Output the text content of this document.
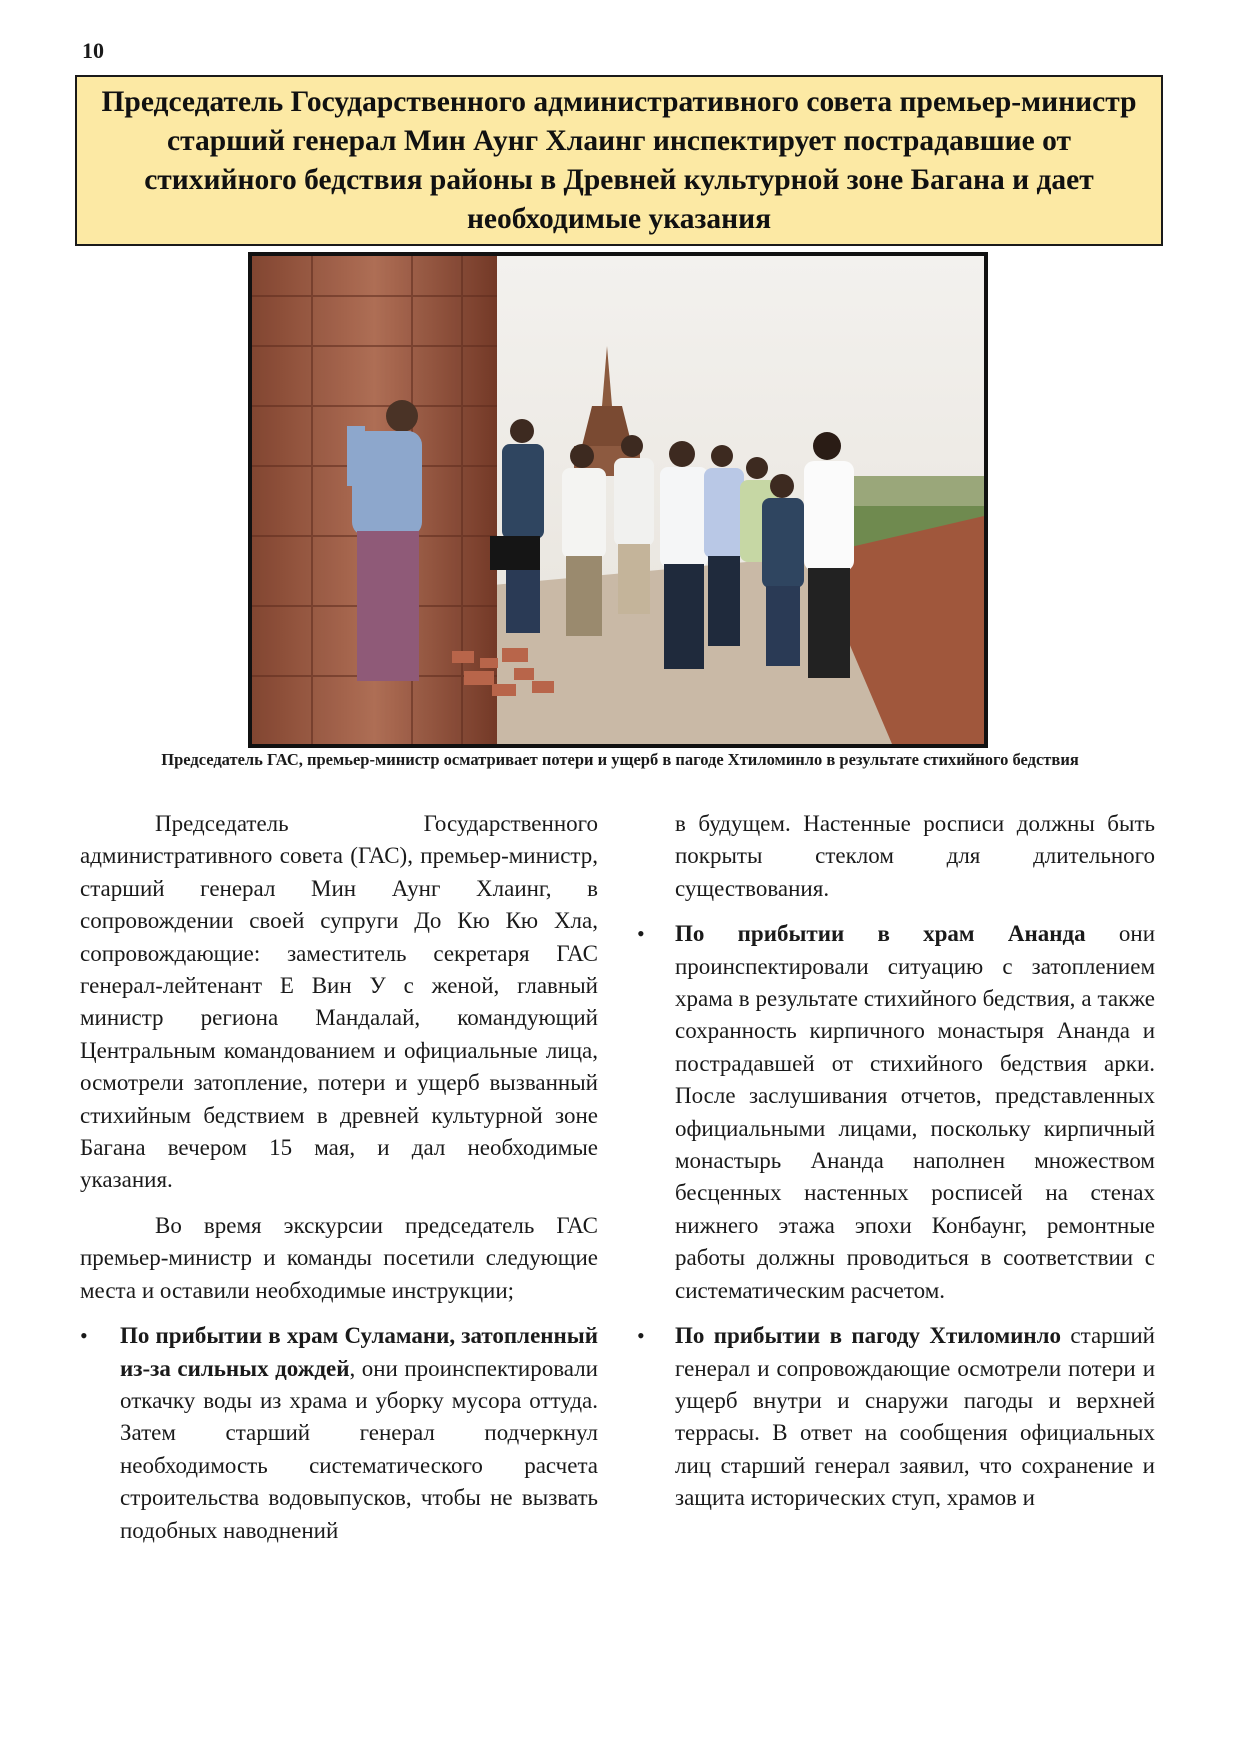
10
Председатель Государственного административного совета премьер-министр старший генерал Мин Аунг Хлаинг инспектирует пострадавшие от стихийного бедствия районы в Древней культурной зоне Багана и дает необходимые указания

Председатель ГАС, премьер-министр осматривает потери и ущерб в пагоде Хтиломинло в результате стихийного бедствия

Председатель Государственного административного совета (ГАС), премьер-министр, старший генерал Мин Аунг Хлаинг, в сопровождении своей супруги До Кю Кю Хла, сопровождающие: заместитель секретаря ГАС генерал-лейтенант Е Вин У с женой, главный министр региона Мандалай, командующий Центральным командованием и официальные лица, осмотрели затопление, потери и ущерб вызванный стихийным бедствием в древней культурной зоне Багана вечером 15 мая, и дал необходимые указания.

Во время экскурсии председатель ГАС премьер-министр и команды посетили следующие места и оставили необходимые инструкции;

• По прибытии в храм Суламани, затопленный из-за сильных дождей, они проинспектировали откачку воды из храма и уборку мусора оттуда. Затем старший генерал подчеркнул необходимость систематического расчета строительства водовыпусков, чтобы не вызвать подобных наводнений

в будущем. Настенные росписи должны быть покрыты стеклом для длительного существования.

• По прибытии в храм Ананда они проинспектировали ситуацию с затоплением храма в результате стихийного бедствия, а также сохранность кирпичного монастыря Ананда и пострадавшей от стихийного бедствия арки. После заслушивания отчетов, представленных официальными лицами, поскольку кирпичный монастырь Ананда наполнен множеством бесценных настенных росписей на стенах нижнего этажа эпохи Конбаунг, ремонтные работы должны проводиться в соответствии с систематическим расчетом.
• По прибытии в пагоду Хтиломинло старший генерал и сопровождающие осмотрели потери и ущерб внутри и снаружи пагоды и верхней террасы. В ответ на сообщения официальных лиц старший генерал заявил, что сохранение и защита исторических ступ, храмов и
